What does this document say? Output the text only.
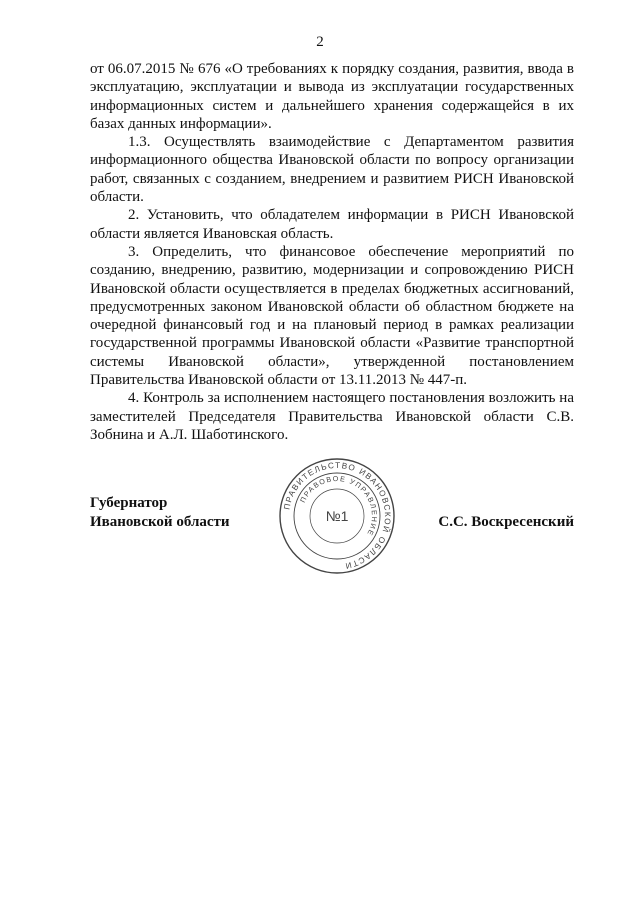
2

от 06.07.2015 № 676 «О требованиях к порядку создания, развития, ввода в эксплуатацию, эксплуатации и вывода из эксплуатации государственных информационных систем и дальнейшего хранения содержащейся в их базах данных информации».

1.3. Осуществлять взаимодействие с Департаментом развития информационного общества Ивановской области по вопросу организации работ, связанных с созданием, внедрением и развитием РИСН Ивановской области.

2. Установить, что обладателем информации в РИСН Ивановской области является Ивановская область.

3. Определить, что финансовое обеспечение мероприятий по созданию, внедрению, развитию, модернизации и сопровождению РИСН Ивановской области осуществляется в пределах бюджетных ассигнований, предусмотренных законом Ивановской области об областном бюджете на очередной финансовый год и на плановый период в рамках реализации государственной программы Ивановской области «Развитие транспортной системы Ивановской области», утвержденной постановлением Правительства Ивановской области от 13.11.2013 № 447-п.

4. Контроль за исполнением настоящего постановления возложить на заместителей Председателя Правительства Ивановской области С.В. Зобнина и А.Л. Шаботинского.

Губернатор
Ивановской области	С.С. Воскресенский
ПРАВИТЕЛЬСТВО ИВАНОВСКОЙ ОБЛАСТИ
ПРАВОВОЕ УПРАВЛЕНИЕ
№1
